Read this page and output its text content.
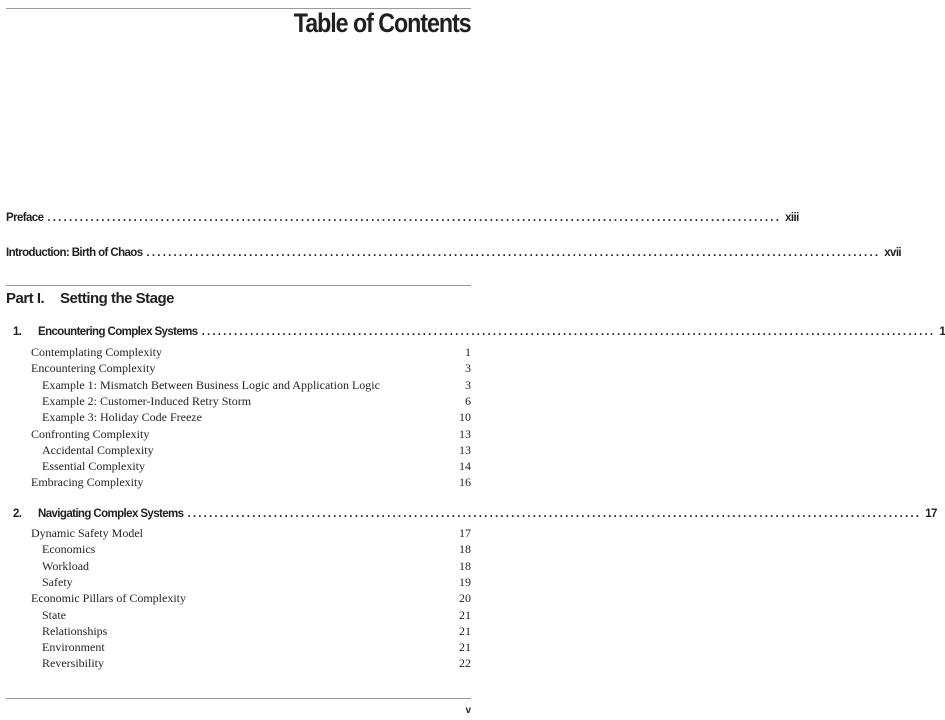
Table of Contents
Preface ........................................................................................................................................ xiii
Introduction: Birth of Chaos ........................................................................................................................................ xvii
Part I. Setting the Stage
1. Encountering Complex Systems ........................................................................................................................................ 1
Contemplating Complexity	1
Encountering Complexity	3
Example 1: Mismatch Between Business Logic and Application Logic	3
Example 2: Customer-Induced Retry Storm	6
Example 3: Holiday Code Freeze	10
Confronting Complexity	13
Accidental Complexity	13
Essential Complexity	14
Embracing Complexity	16
2. Navigating Complex Systems ........................................................................................................................................ 17
Dynamic Safety Model	17
Economics	18
Workload	18
Safety	19
Economic Pillars of Complexity	20
State	21
Relationships	21
Environment	21
Reversibility	22
v
